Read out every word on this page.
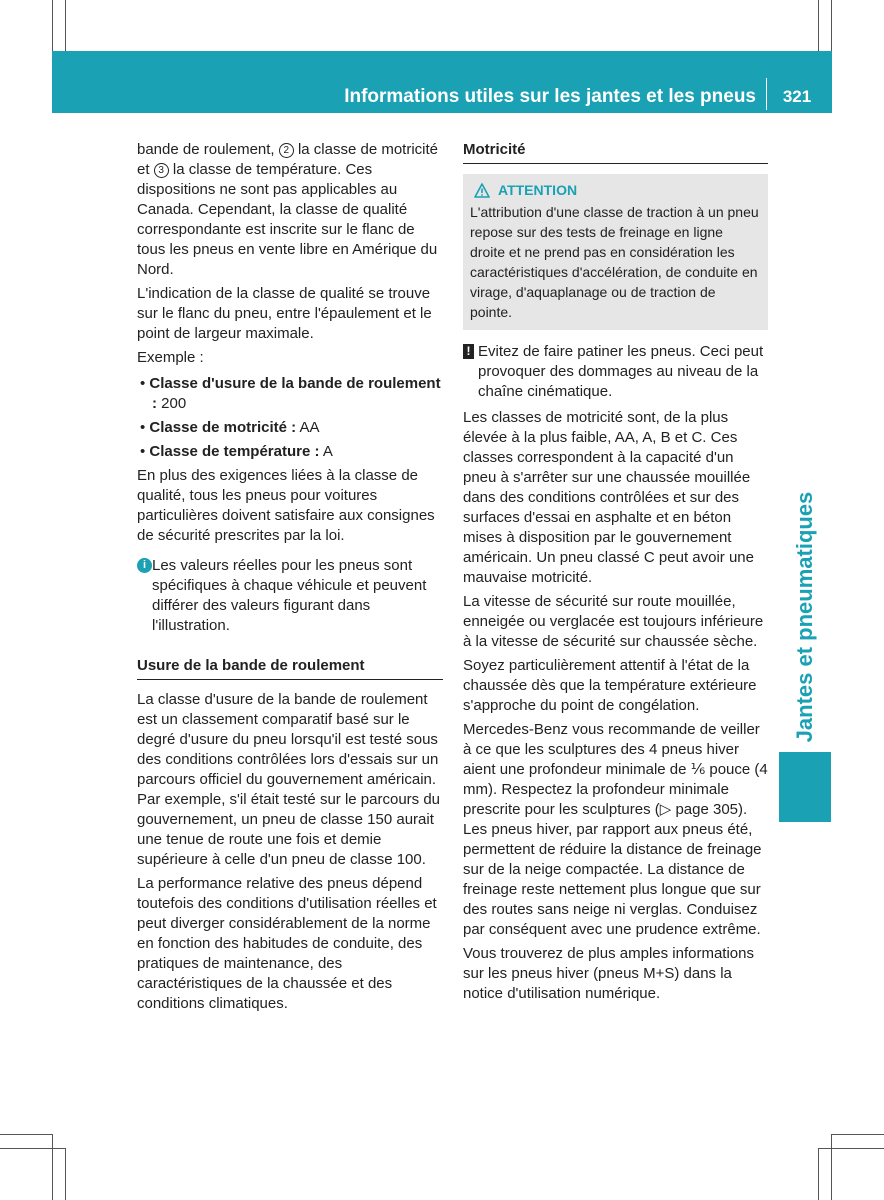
Informations utiles sur les jantes et les pneus	321
Jantes et pneumatiques

bande de roulement, 2 la classe de motricité et 3 la classe de température. Ces dispositions ne sont pas applicables au Canada. Cependant, la classe de qualité correspondante est inscrite sur le flanc de tous les pneus en vente libre en Amérique du Nord.

L'indication de la classe de qualité se trouve sur le flanc du pneu, entre l'épaulement et le point de largeur maximale.

Exemple :

• Classe d'usure de la bande de roulement : 200
• Classe de motricité : AA
• Classe de température : A

En plus des exigences liées à la classe de qualité, tous les pneus pour voitures particulières doivent satisfaire aux consignes de sécurité prescrites par la loi.

i Les valeurs réelles pour les pneus sont spécifiques à chaque véhicule et peuvent différer des valeurs figurant dans l'illustration.
Usure de la bande de roulement

La classe d'usure de la bande de roulement est un classement comparatif basé sur le degré d'usure du pneu lorsqu'il est testé sous des conditions contrôlées lors d'essais sur un parcours officiel du gouvernement américain. Par exemple, s'il était testé sur le parcours du gouvernement, un pneu de classe 150 aurait une tenue de route une fois et demie supérieure à celle d'un pneu de classe 100.

La performance relative des pneus dépend toutefois des conditions d'utilisation réelles et peut diverger considérablement de la norme en fonction des habitudes de conduite, des pratiques de maintenance, des caractéristiques de la chaussée et des conditions climatiques.

Motricité
ATTENTION
L'attribution d'une classe de traction à un pneu repose sur des tests de freinage en ligne droite et ne prend pas en considération les caractéristiques d'accélération, de conduite en virage, d'aquaplanage ou de traction de pointe.
! Evitez de faire patiner les pneus. Ceci peut provoquer des dommages au niveau de la chaîne cinématique.

Les classes de motricité sont, de la plus élevée à la plus faible, AA, A, B et C. Ces classes correspondent à la capacité d'un pneu à s'arrêter sur une chaussée mouillée dans des conditions contrôlées et sur des surfaces d'essai en asphalte et en béton mises à disposition par le gouvernement américain. Un pneu classé C peut avoir une mauvaise motricité.

La vitesse de sécurité sur route mouillée, enneigée ou verglacée est toujours inférieure à la vitesse de sécurité sur chaussée sèche.

Soyez particulièrement attentif à l'état de la chaussée dès que la température extérieure s'approche du point de congélation.

Mercedes-Benz vous recommande de veiller à ce que les sculptures des 4 pneus hiver aient une profondeur minimale de ⅙ pouce (4 mm). Respectez la profondeur minimale prescrite pour les sculptures (▷ page 305). Les pneus hiver, par rapport aux pneus été, permettent de réduire la distance de freinage sur de la neige compactée. La distance de freinage reste nettement plus longue que sur des routes sans neige ni verglas. Conduisez par conséquent avec une prudence extrême.

Vous trouverez de plus amples informations sur les pneus hiver (pneus M+S) dans la notice d'utilisation numérique.
